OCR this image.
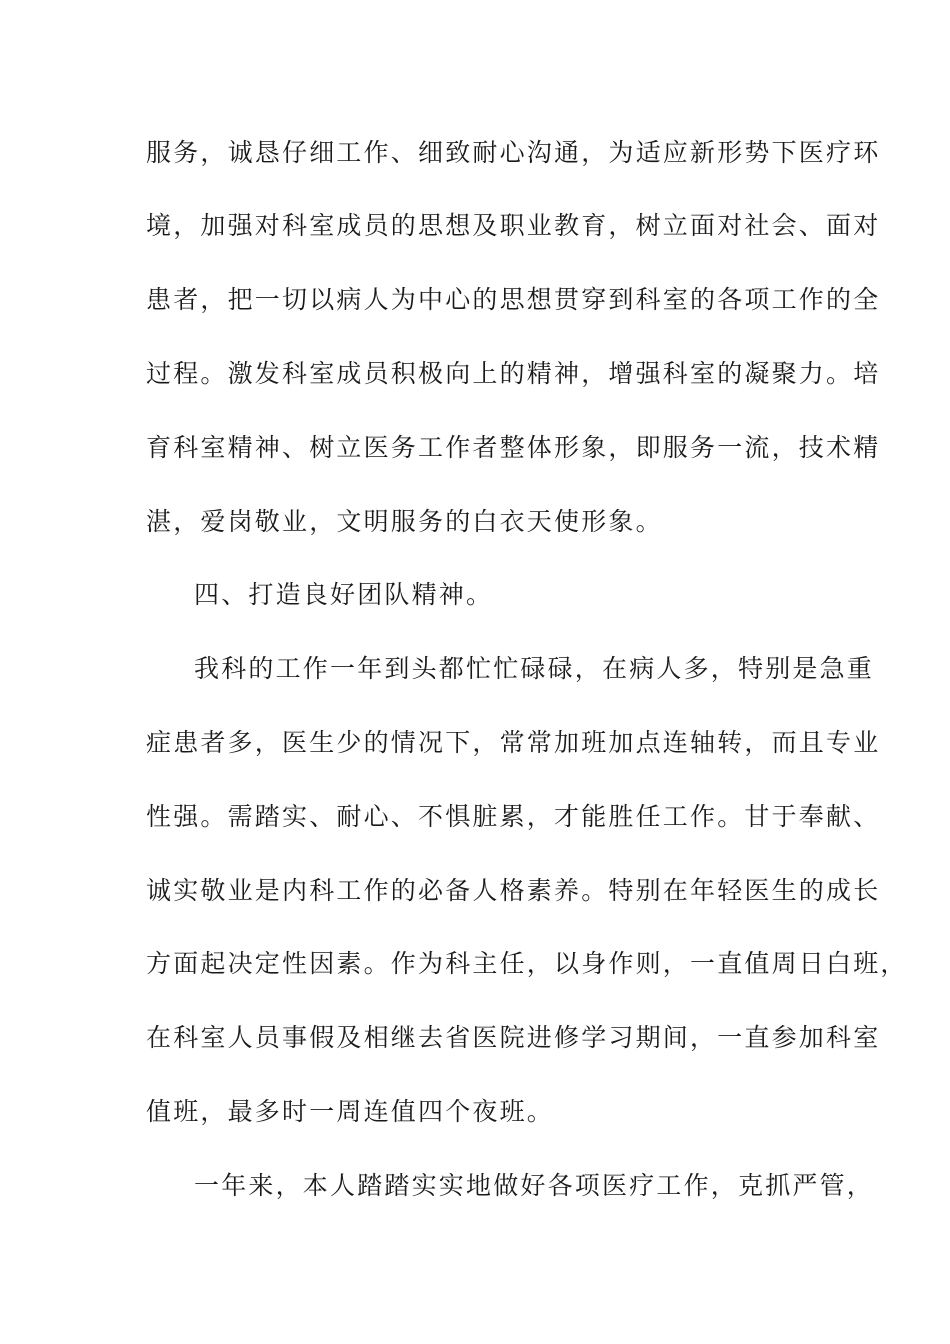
服务，诚恳仔细工作、细致耐心沟通，为适应新形势下医疗环
境，加强对科室成员的思想及职业教育，树立面对社会、面对
患者，把一切以病人为中心的思想贯穿到科室的各项工作的全
过程。激发科室成员积极向上的精神，增强科室的凝聚力。培
育科室精神、树立医务工作者整体形象，即服务一流，技术精
湛，爱岗敬业，文明服务的白衣天使形象。
四、打造良好团队精神。
我科的工作一年到头都忙忙碌碌，在病人多，特别是急重
症患者多，医生少的情况下，常常加班加点连轴转，而且专业
性强。需踏实、耐心、不惧脏累，才能胜任工作。甘于奉献、
诚实敬业是内科工作的必备人格素养。特别在年轻医生的成长
方面起决定性因素。作为科主任，以身作则，一直值周日白班，
在科室人员事假及相继去省医院进修学习期间，一直参加科室
值班，最多时一周连值四个夜班。
一年来，本人踏踏实实地做好各项医疗工作，克抓严管，
